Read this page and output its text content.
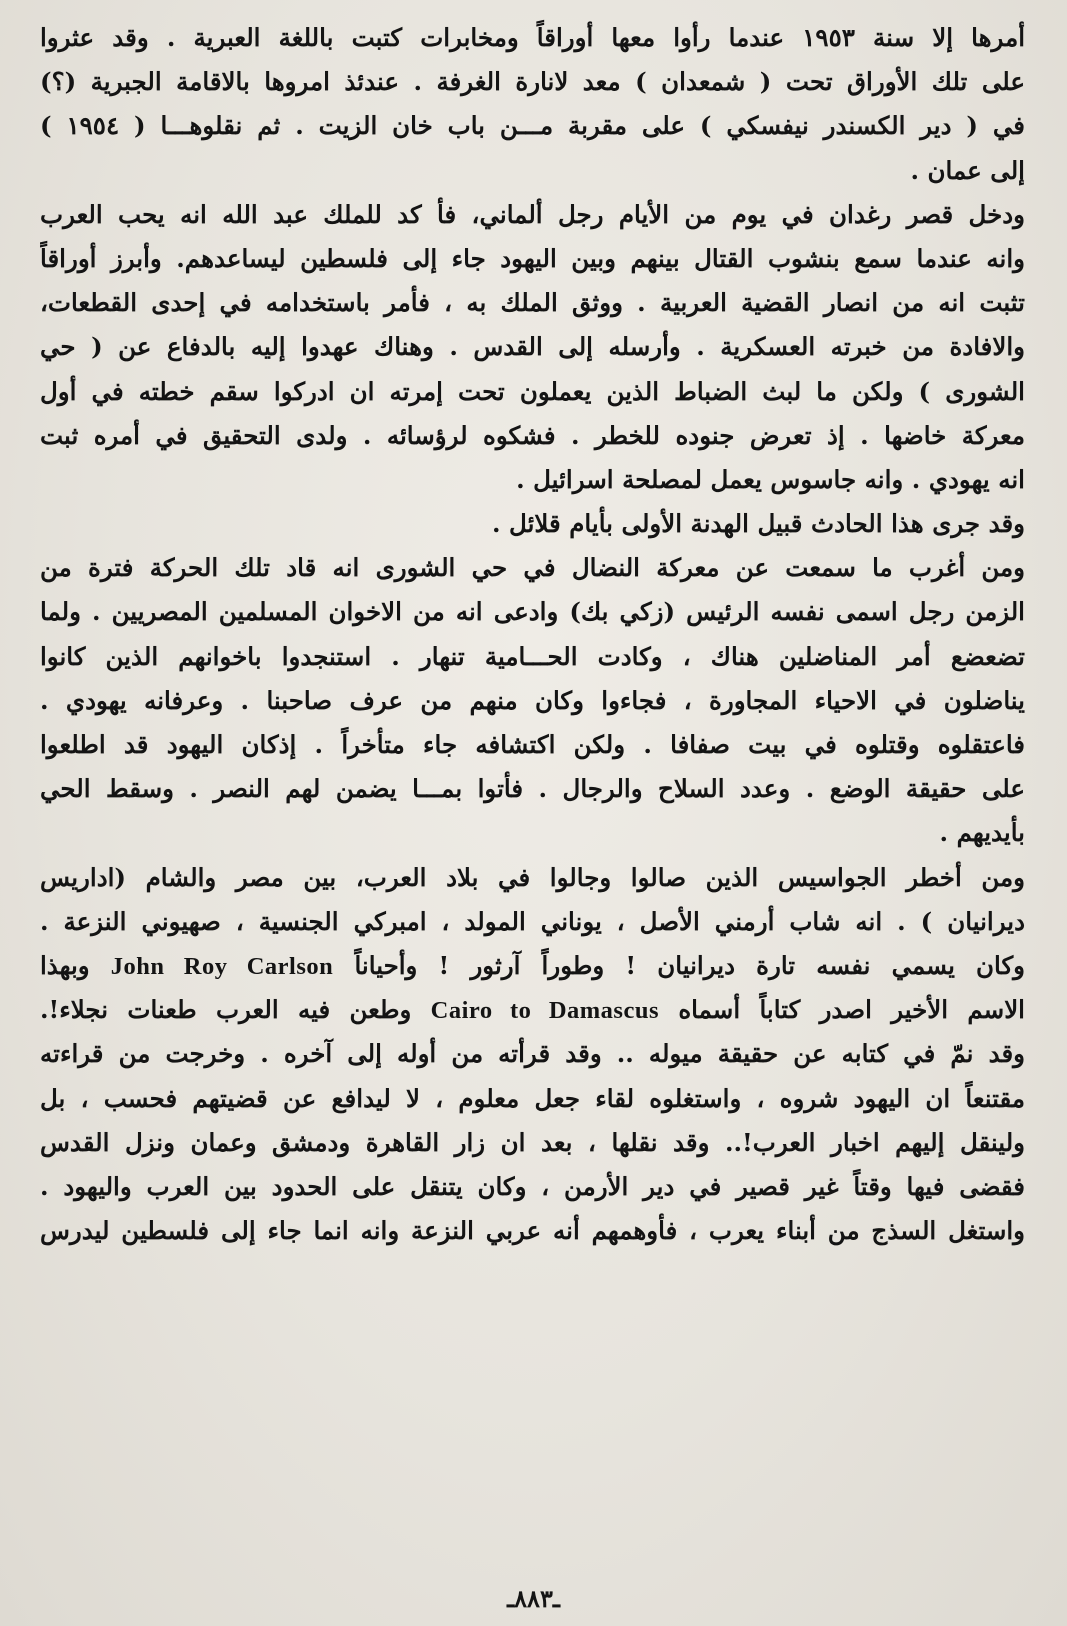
أمرها إلا سنة ١٩٥٣ عندما رأوا معها أوراقاً ومخابرات كتبت باللغة العبرية . وقد عثروا
على تلك الأوراق تحت ( شمعدان ) معد لانارة الغرفة . عندئذ امروها بالاقامة الجبرية (؟)
في ( دير الكسندر نيفسكي ) على مقربة مـــن باب خان الزيت . ثم نقلوهـــا ( ١٩٥٤ )
إلى عمان .
ودخل قصر رغدان في يوم من الأيام رجل ألماني، فأ كد للملك عبد الله انه يحب العرب
وانه عندما سمع بنشوب القتال بينهم وبين اليهود جاء إلى فلسطين ليساعدهم. وأبرز أوراقاً
تثبت انه من انصار القضية العربية . ووثق الملك به ، فأمر باستخدامه في إحدى القطعات،
والافادة من خبرته العسكرية . وأرسله إلى القدس . وهناك عهدوا إليه بالدفاع عن ( حي
الشورى ) ولكن ما لبث الضباط الذين يعملون تحت إمرته ان ادركوا سقم خطته في أول
معركة خاضها . إذ تعرض جنوده للخطر . فشكوه لرؤسائه . ولدى التحقيق في أمره ثبت
انه يهودي . وانه جاسوس يعمل لمصلحة اسرائيل .
وقد جرى هذا الحادث قبيل الهدنة الأولى بأيام قلائل .
ومن أغرب ما سمعت عن معركة النضال في حي الشورى انه قاد تلك الحركة فترة من
الزمن رجل اسمى نفسه الرئيس (زكي بك) وادعى انه من الاخوان المسلمين المصريين . ولما
تضعضع أمر المناضلين هناك ، وكادت الحـــامية تنهار . استنجدوا باخوانهم الذين كانوا
يناضلون في الاحياء المجاورة ، فجاءوا وكان منهم من عرف صاحبنا . وعرفانه يهودي .
فاعتقلوه وقتلوه في بيت صفافا . ولكن اكتشافه جاء متأخراً . إذكان اليهود قد اطلعوا
على حقيقة الوضع . وعدد السلاح والرجال . فأتوا بمـــا يضمن لهم النصر . وسقط الحي
بأيديهم .
ومن أخطر الجواسيس الذين صالوا وجالوا في بلاد العرب، بين مصر والشام (اداريس
ديرانيان ) . انه شاب أرمني الأصل ، يوناني المولد ، امبركي الجنسية ، صهيوني النزعة .
وكان يسمي نفسه تارة ديرانيان ! وطوراً آرثور ! وأحياناً John Roy Carlson وبهذا
الاسم الأخير اصدر كتاباً أسماه Cairo to Damascus وطعن فيه العرب طعنات نجلاء!.
وقد نمّ في كتابه عن حقيقة ميوله .. وقد قرأته من أوله إلى آخره . وخرجت من قراءته
مقتنعاً ان اليهود شروه ، واستغلوه لقاء جعل معلوم ، لا ليدافع عن قضيتهم فحسب ، بل
ولينقل إليهم اخبار العرب!.. وقد نقلها ، بعد ان زار القاهرة ودمشق وعمان ونزل القدس
فقضى فيها وقتاً غير قصير في دير الأرمن ، وكان يتنقل على الحدود بين العرب واليهود .
واستغل السذج من أبناء يعرب ، فأوهمهم أنه عربي النزعة وانه انما جاء إلى فلسطين ليدرس
ـ٨٨٣ـ
